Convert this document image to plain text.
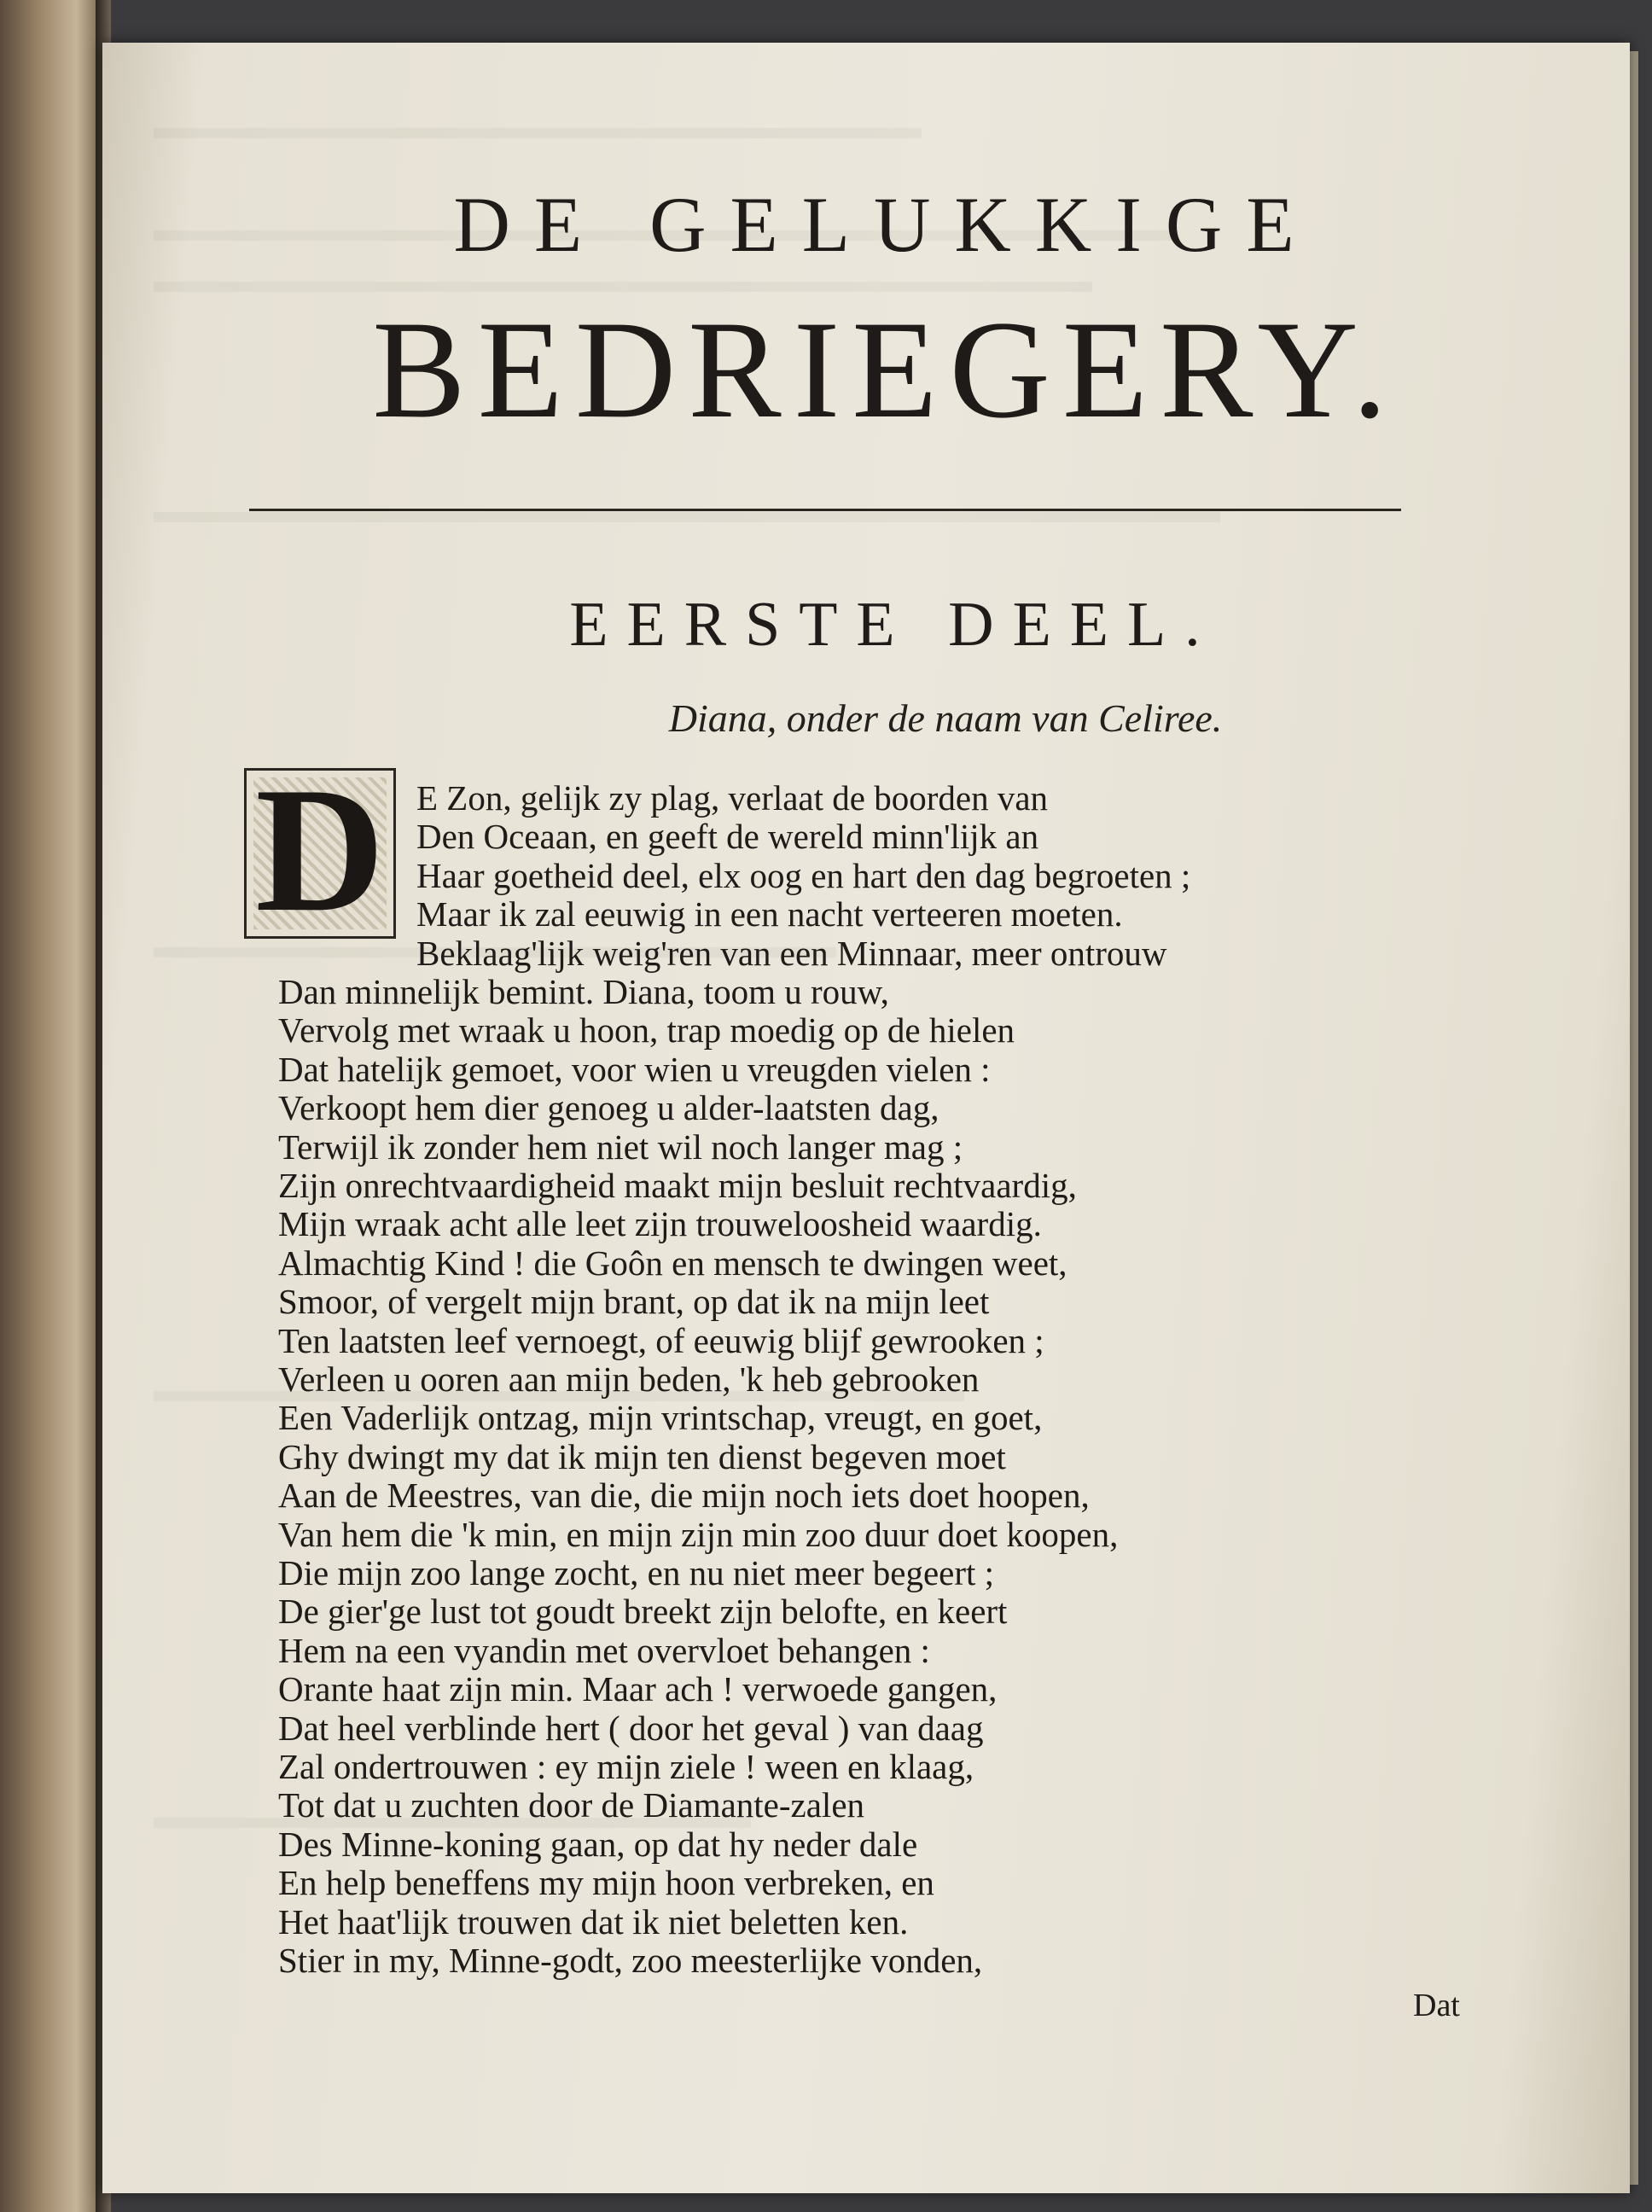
DE GELUKKIGE
BEDRIEGERY.
EERSTE DEEL.
Diana, onder de naam van Celiree.
D E Zon, gelijk zy plag, verlaat de boorden van
Den Oceaan, en geeft de wereld minn'lijk an
Haar goetheid deel, elx oog en hart den dag begroeten ;
Maar ik zal eeuwig in een nacht verteeren moeten.
Beklaag'lijk weig'ren van een Minnaar, meer ontrouw
Dan minnelijk bemint. Diana, toom u rouw,
Vervolg met wraak u hoon, trap moedig op de hielen
Dat hatelijk gemoet, voor wien u vreugden vielen :
Verkoopt hem dier genoeg u alder-laatsten dag,
Terwijl ik zonder hem niet wil noch langer mag ;
Zijn onrechtvaardigheid maakt mijn besluit rechtvaardig,
Mijn wraak acht alle leet zijn trouweloosheid waardig.
Almachtig Kind ! die Goôn en mensch te dwingen weet,
Smoor, of vergelt mijn brant, op dat ik na mijn leet
Ten laatsten leef vernoegt, of eeuwig blijf gewrooken ;
Verleen u ooren aan mijn beden, 'k heb gebrooken
Een Vaderlijk ontzag, mijn vrintschap, vreugt, en goet,
Ghy dwingt my dat ik mijn ten dienst begeven moet
Aan de Meestres, van die, die mijn noch iets doet hoopen,
Van hem die 'k min, en mijn zijn min zoo duur doet koopen,
Die mijn zoo lange zocht, en nu niet meer begeert ;
De gier'ge lust tot goudt breekt zijn belofte, en keert
Hem na een vyandin met overvloet behangen :
Orante haat zijn min. Maar ach ! verwoede gangen,
Dat heel verblinde hert ( door het geval ) van daag
Zal ondertrouwen : ey mijn ziele ! ween en klaag,
Tot dat u zuchten door de Diamante-zalen
Des Minne-koning gaan, op dat hy neder dale
En help beneffens my mijn hoon verbreken, en
Het haat'lijk trouwen dat ik niet beletten ken.
Stier in my, Minne-godt, zoo meesterlijke vonden,
Dat
